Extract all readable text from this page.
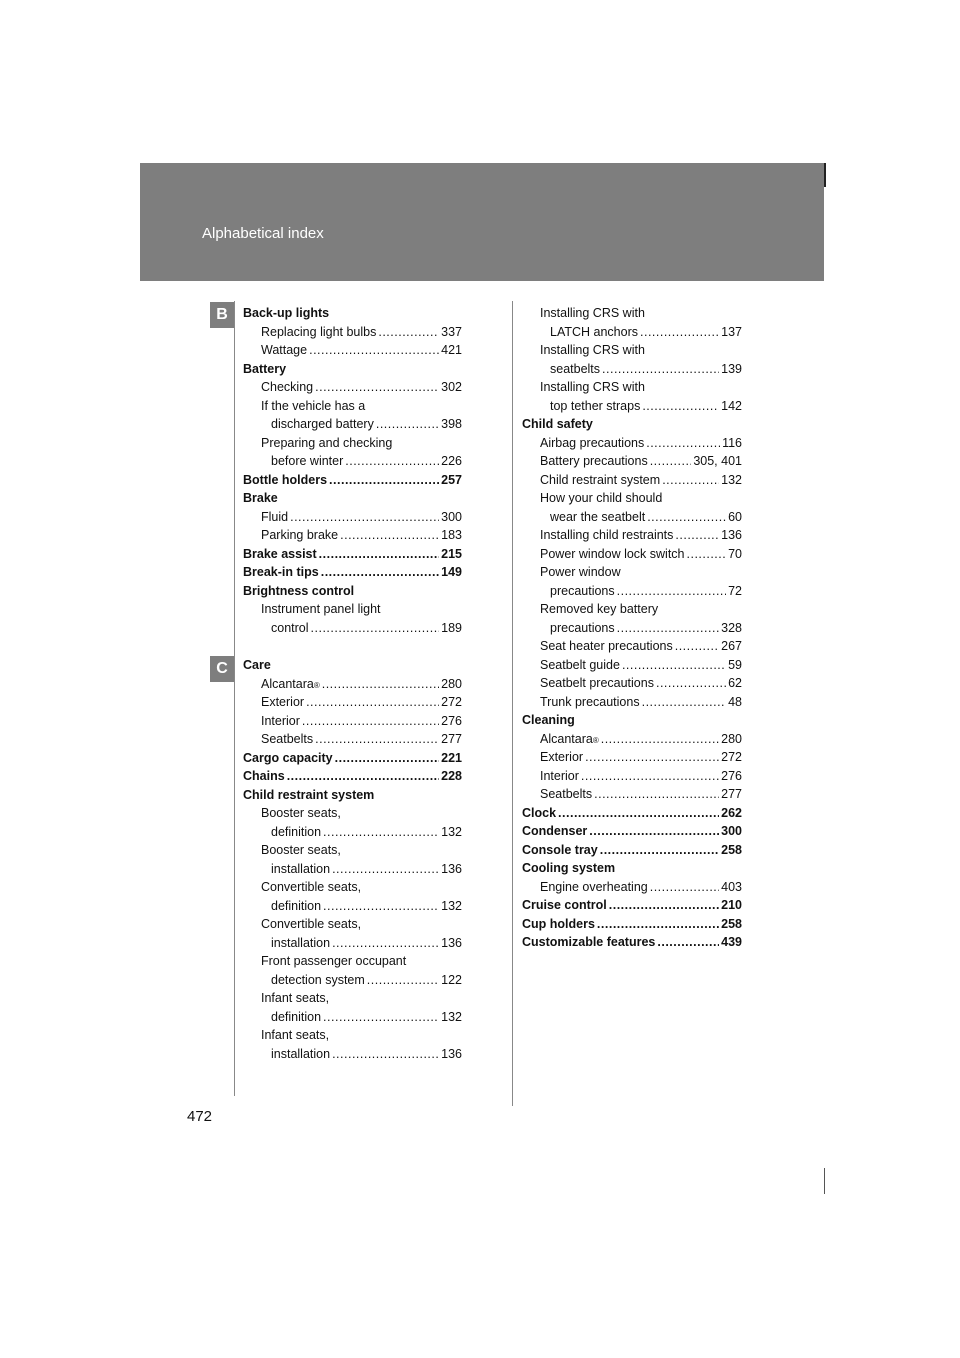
Alphabetical index
B
C
Back-up lights
Replacing light bulbs .....	337
Wattage .....	421
Battery
Checking .....	302
If the vehicle has a
discharged battery .....	398
Preparing and checking
before winter .....	226
Bottle holders .....	257
Brake
Fluid .....	300
Parking brake .....	183
Brake assist .....	215
Break-in tips .....	149
Brightness control
Instrument panel light
control .....	189
Care
Alcantara ® .....	280
Exterior .....	272
Interior .....	276
Seatbelts .....	277
Cargo capacity .....	221
Chains .....	228
Child restraint system
Booster seats,
definition .....	132
Booster seats,
installation .....	136
Convertible seats,
definition .....	132
Convertible seats,
installation .....	136
Front passenger occupant
detection system .....	122
Infant seats,
definition .....	132
Infant seats,
installation .....	136
Installing CRS with
LATCH anchors .....	137
Installing CRS with
seatbelts .....	139
Installing CRS with
top tether straps .....	142
Child safety
Airbag precautions .....	116
Battery precautions .....	305, 401
Child restraint system .....	132
How your child should
wear the seatbelt .....	60
Installing child restraints .....	136
Power window lock switch .....	70
Power window
precautions .....	72
Removed key battery
precautions .....	328
Seat heater precautions .....	267
Seatbelt guide .....	59
Seatbelt precautions .....	62
Trunk precautions .....	48
Cleaning
Alcantara ® .....	280
Exterior .....	272
Interior .....	276
Seatbelts .....	277
Clock .....	262
Condenser .....	300
Console tray .....	258
Cooling system
Engine overheating .....	403
Cruise control .....	210
Cup holders .....	258
Customizable features .....	439
472
